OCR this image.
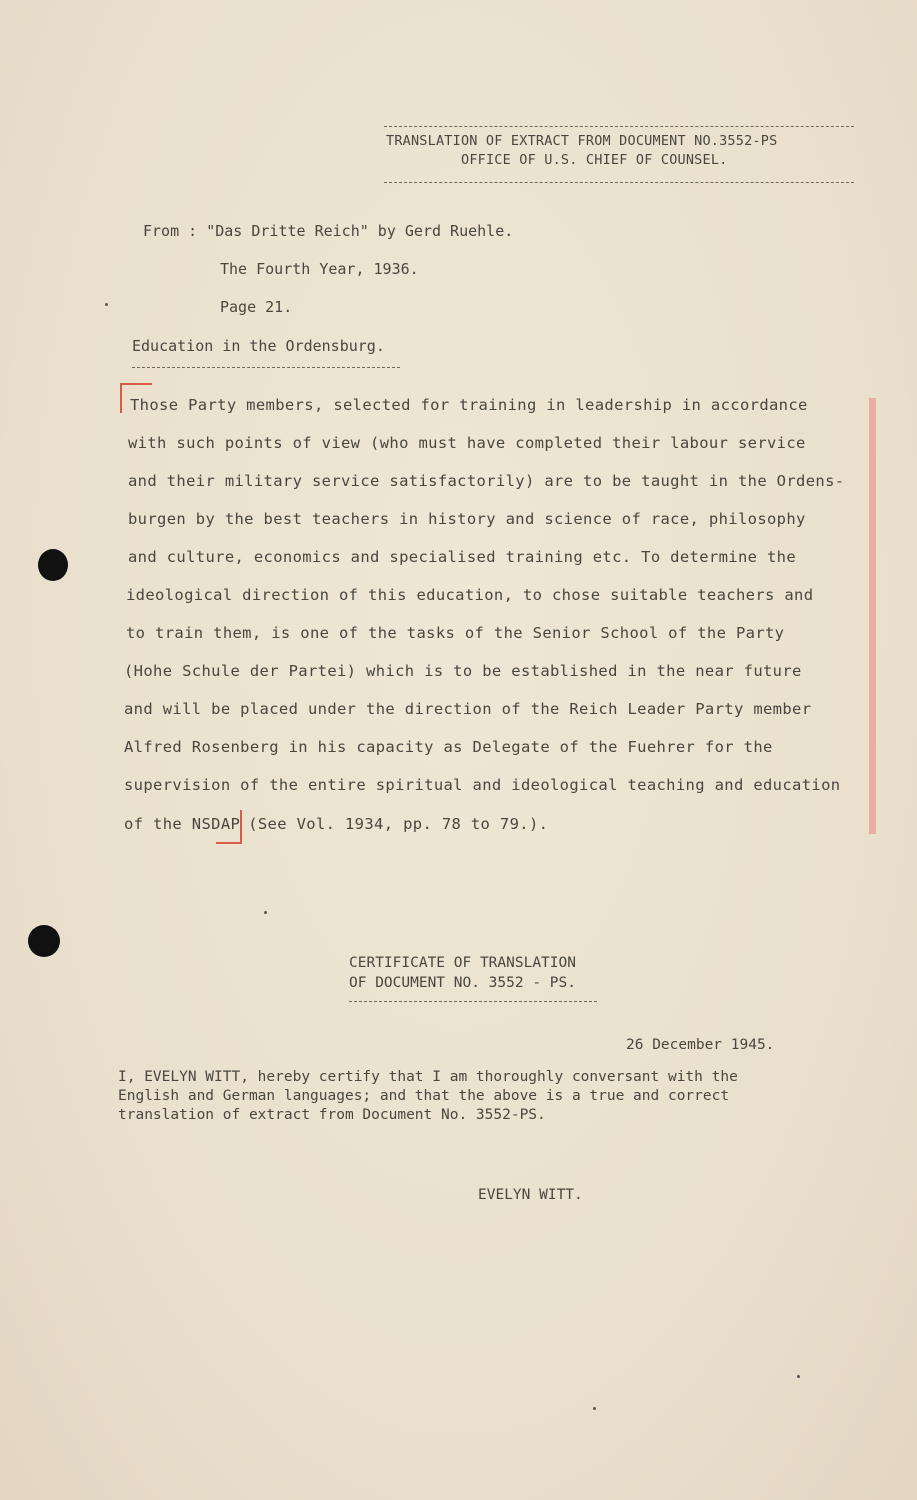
TRANSLATION OF EXTRACT FROM DOCUMENT NO.3552-PS
OFFICE OF U.S. CHIEF OF COUNSEL.
From : "Das Dritte Reich" by Gerd Ruehle.
The Fourth Year, 1936.
Page 21.
Education in the Ordensburg.
Those Party members, selected for training in leadership in accordance
with such points of view (who must have completed their labour service
and their military service satisfactorily) are to be taught in the Ordens-
burgen by the best teachers in history and science of race, philosophy
and culture, economics and specialised training etc. To determine the
ideological direction of this education, to chose suitable teachers and
to train them, is one of the tasks of the Senior School of the Party
(Hohe Schule der Partei) which is to be established in the near future
and will be placed under the direction of the Reich Leader Party member
Alfred Rosenberg in his capacity as Delegate of the Fuehrer for the
supervision of the entire spiritual and ideological teaching and education
of the NSDAP (See Vol. 1934, pp. 78 to 79.).
CERTIFICATE OF TRANSLATION
OF DOCUMENT NO. 3552 - PS.
26 December 1945.
I, EVELYN WITT, hereby certify that I am thoroughly conversant with the
English and German languages; and that the above is a true and correct
translation of extract from Document No. 3552-PS.
EVELYN WITT.
